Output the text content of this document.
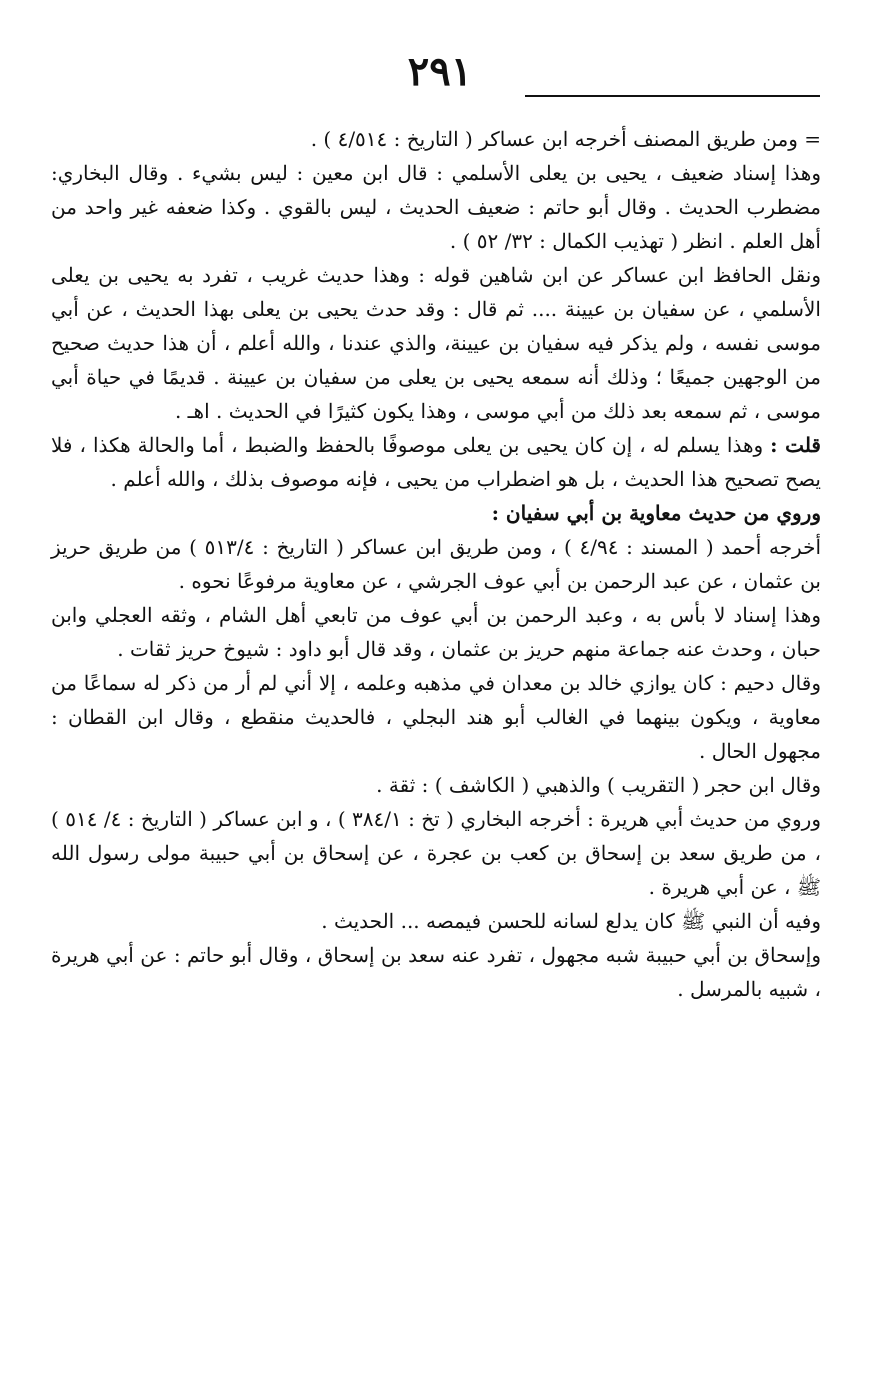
٢٩١

= ومن طريق المصنف أخرجه ابن عساكر ( التاريخ : ٤/٥١٤ ) .

وهذا إسناد ضعيف ، يحيى بن يعلى الأسلمي : قال ابن معين : ليس بشيء . وقال البخاري: مضطرب الحديث . وقال أبو حاتم : ضعيف الحديث ، ليس بالقوي . وكذا ضعفه غير واحد من أهل العلم . انظر ( تهذيب الكمال : ٣٢/ ٥٢ ) .

ونقل الحافظ ابن عساكر عن ابن شاهين قوله : وهذا حديث غريب ، تفرد به يحيى بن يعلى الأسلمي ، عن سفيان بن عيينة .... ثم قال : وقد حدث يحيى بن يعلى بهذا الحديث ، عن أبي موسى نفسه ، ولم يذكر فيه سفيان بن عيينة، والذي عندنا ، والله أعلم ، أن هذا حديث صحيح من الوجهين جميعًا ؛ وذلك أنه سمعه يحيى بن يعلى من سفيان بن عيينة . قديمًا في حياة أبي موسى ، ثم سمعه بعد ذلك من أبي موسى ، وهذا يكون كثيرًا في الحديث . اهـ .

قلت : وهذا يسلم له ، إن كان يحيى بن يعلى موصوفًا بالحفظ والضبط ، أما والحالة هكذا ، فلا يصح تصحيح هذا الحديث ، بل هو اضطراب من يحيى ، فإنه موصوف بذلك ، والله أعلم .

وروي من حديث معاوية بن أبي سفيان :

أخرجه أحمد ( المسند : ٤/٩٤ ) ، ومن طريق ابن عساكر ( التاريخ : ٥١٣/٤ ) من طريق حريز بن عثمان ، عن عبد الرحمن بن أبي عوف الجرشي ، عن معاوية مرفوعًا نحوه .

وهذا إسناد لا بأس به ، وعبد الرحمن بن أبي عوف من تابعي أهل الشام ، وثقه العجلي وابن حبان ، وحدث عنه جماعة منهم حريز بن عثمان ، وقد قال أبو داود : شيوخ حريز ثقات .

وقال دحيم : كان يوازي خالد بن معدان في مذهبه وعلمه ، إلا أني لم أر من ذكر له سماعًا من معاوية ، ويكون بينهما في الغالب أبو هند البجلي ، فالحديث منقطع ، وقال ابن القطان : مجهول الحال .

وقال ابن حجر ( التقريب ) والذهبي ( الكاشف ) : ثقة .

وروي من حديث أبي هريرة : أخرجه البخاري ( تخ : ٣٨٤/١ ) ، و ابن عساكر ( التاريخ : ٤/ ٥١٤ ) ، من طريق سعد بن إسحاق بن كعب بن عجرة ، عن إسحاق بن أبي حبيبة مولى رسول الله ﷺ ، عن أبي هريرة .

وفيه أن النبي ﷺ كان يدلع لسانه للحسن فيمصه ... الحديث .

وإسحاق بن أبي حبيبة شبه مجهول ، تفرد عنه سعد بن إسحاق ، وقال أبو حاتم : عن أبي هريرة ، شبيه بالمرسل .
